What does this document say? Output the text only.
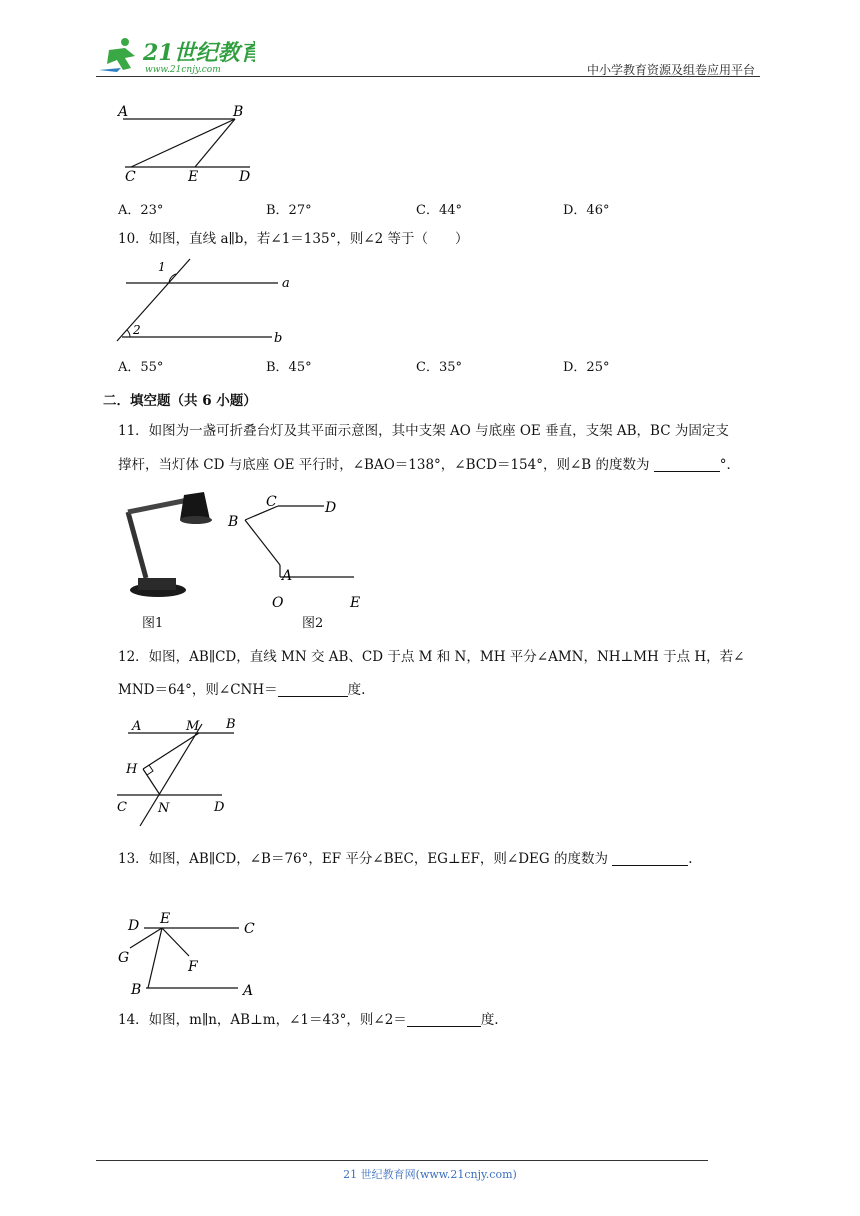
21世纪教育
www.21cnjy.com	中小学教育资源及组卷应用平台
A	B
C	E	D
A．23°	B．27°	C．44°	D．46°
10．如图，直线 a∥b，若∠1＝135°，则∠2 等于（　　）
1
2
a
b
A．55°	B．45°	C．35°	D．25°
二．填空题（共 6 小题）
11．如图为一盏可折叠台灯及其平面示意图，其中支架 AO 与底座 OE 垂直，支架 AB，BC 为固定支
撑杆，当灯体 CD 与底座 OE 平行时，∠BAO＝138°，∠BCD＝154°，则∠B 的度数为	°．
图1
B
C	D
A
O	E
图2
12．如图，AB∥CD，直线 MN 交 AB、CD 于点 M 和 N，MH 平分∠AMN，NH⊥MH 于点 H，若∠
MND＝64°，则∠CNH＝	度.
A	M B
H
C N	D
13．如图，AB∥CD，∠B＝76°，EF 平分∠BEC，EG⊥EF，则∠DEG 的度数为	.
D E
C
G
F
B	A
14．如图，m∥n，AB⊥m，∠1＝43°，则∠2＝	度.
21 世纪教育网(www.21cnjy.com)
